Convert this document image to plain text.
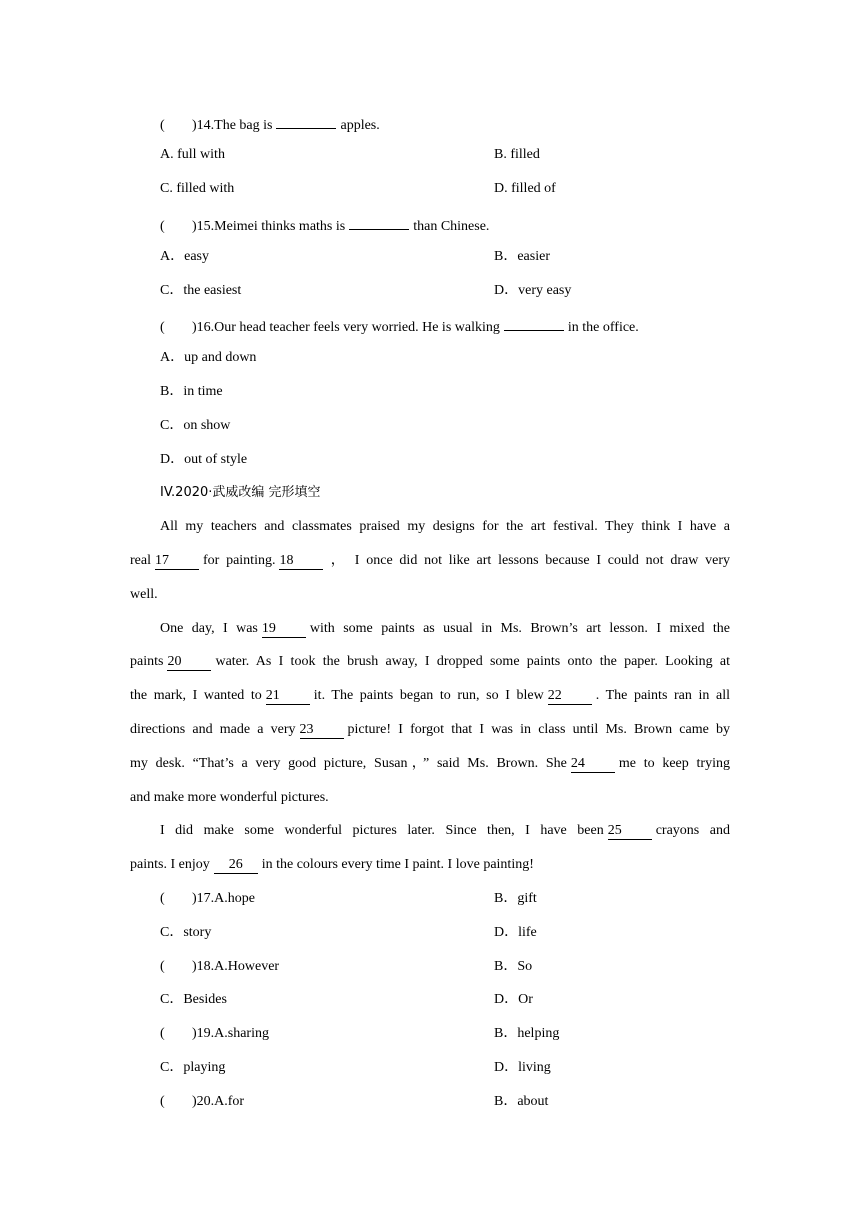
( )14.The bag is	apples.
A. full with	B. filled
C. filled with	D. filled of
( )15.Meimei thinks maths is	than Chinese.
A．easy	B．easier
C．the easiest	D．very easy
( )16.Our head teacher feels very worried. He is walking	in the office.
A．up and down
B．in time
C．on show
D．out of style
IV.2020·武威改编 完形填空
All my teachers and classmates praised my designs for the art festival. They think I have a
real 17 for painting. 18 ， I once did not like art lessons because I could not draw very
well.
One day, I was 19 with some paints as usual in Ms. Brown’s art lesson. I mixed the
paints 20 water. As I took the brush away, I dropped some paints onto the paper. Looking at
the mark, I wanted to 21 it. The paints began to run, so I blew 22 . The paints ran in all
directions and made a very 23 picture! I forgot that I was in class until Ms. Brown came by
my desk. “That’s a very good picture, Susan，” said Ms. Brown. She 24 me to keep trying
and make more wonderful pictures.
I did make some wonderful pictures later. Since then, I have been 25 crayons and
paints. I enjoy 26 in the colours every time I paint. I love painting!
( )17.A.hope	B．gift
C．story	D．life
( )18.A.However	B．So
C．Besides	D．Or
( )19.A.sharing	B．helping
C．playing	D．living
( )20.A.for	B．about
